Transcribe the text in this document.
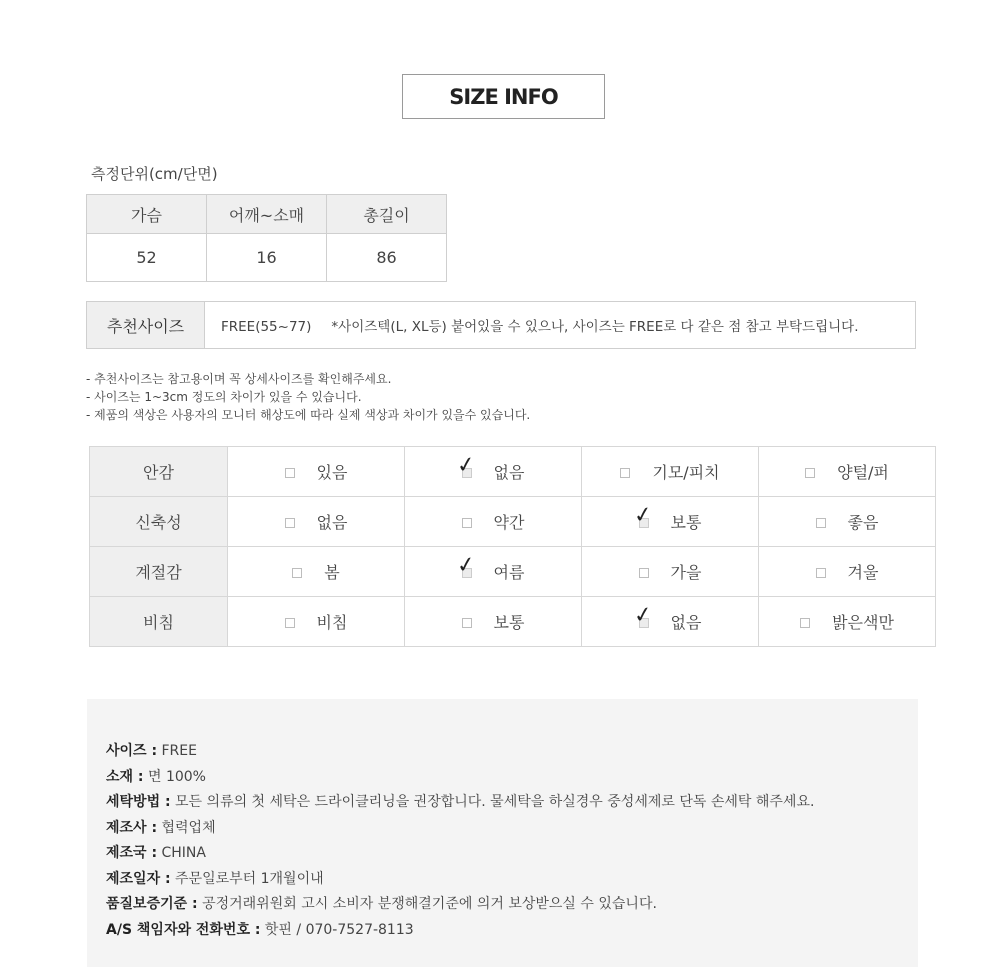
SIZE INFO
측정단위(cm/단면)
가슴	어깨~소매	총길이
52	16	86
추천사이즈	FREE(55~77) *사이즈텍(L, XL등) 붙어있을 수 있으나, 사이즈는 FREE로 다 같은 점 참고 부탁드립니다.
- 추천사이즈는 참고용이며 꼭 상세사이즈를 확인해주세요.
- 사이즈는 1~3cm 정도의 차이가 있을 수 있습니다.
- 제품의 색상은 사용자의 모니터 해상도에 따라 실제 색상과 차이가 있을수 있습니다.
안감	있음	✓ 없음	기모/피치	양털/퍼
신축성	없음	약간	✓ 보통	좋음
계절감	봄	✓ 여름	가을	겨울
비침	비침	보통	✓ 없음	밝은색만
사이즈 : FREE
소재 : 면 100%
세탁방법 : 모든 의류의 첫 세탁은 드라이클리닝을 권장합니다. 물세탁을 하실경우 중성세제로 단독 손세탁 해주세요.
제조사 : 협력업체
제조국 : CHINA
제조일자 : 주문일로부터 1개월이내
품질보증기준 : 공정거래위원회 고시 소비자 분쟁해결기준에 의거 보상받으실 수 있습니다.
A/S 책임자와 전화번호 : 핫핀 / 070-7527-8113
